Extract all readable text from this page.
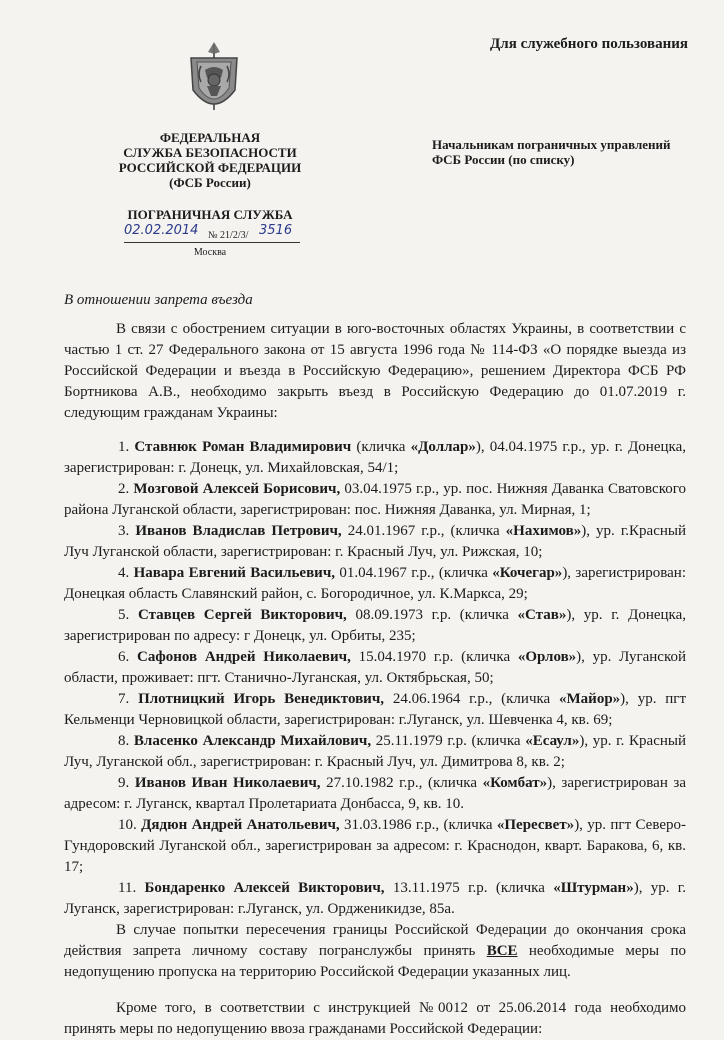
Для служебного пользования
ФЕДЕРАЛЬНАЯ
СЛУЖБА БЕЗОПАСНОСТИ
РОССИЙСКОЙ ФЕДЕРАЦИИ
(ФСБ России)
ПОГРАНИЧНАЯ СЛУЖБА
02.02.2014 № 21/2/3/ 3516
Москва
Начальникам пограничных управлений
ФСБ России (по списку)
В отношении запрета въезда

В связи с обострением ситуации в юго-восточных областях Украины, в соответствии с частью 1 ст. 27 Федерального закона от 15 августа 1996 года № 114-ФЗ «О порядке выезда из Российской Федерации и въезда в Российскую Федерацию», решением Директора ФСБ РФ Бортникова А.В., необходимо закрыть въезд в Российскую Федерацию до 01.07.2019 г. следующим гражданам Украины:

1. Ставнюк Роман Владимирович (кличка «Доллар»), 04.04.1975 г.р., ур. г. Донецка, зарегистрирован: г. Донецк, ул. Михайловская, 54/1;

2. Мозговой Алексей Борисович, 03.04.1975 г.р., ур. пос. Нижняя Даванка Сватовского района Луганской области, зарегистрирован: пос. Нижняя Даванка, ул. Мирная, 1;

3. Иванов Владислав Петрович, 24.01.1967 г.р., (кличка «Нахимов»), ур. г.Красный Луч Луганской области, зарегистрирован: г. Красный Луч, ул. Рижская, 10;

4. Навара Евгений Васильевич, 01.04.1967 г.р., (кличка «Кочегар»), зарегистрирован: Донецкая область Славянский район, с. Богородичное, ул. К.Маркса, 29;

5. Ставцев Сергей Викторович, 08.09.1973 г.р. (кличка «Став»), ур. г. Донецка, зарегистрирован по адресу: г Донецк, ул. Орбиты, 235;

6. Сафонов Андрей Николаевич, 15.04.1970 г.р. (кличка «Орлов»), ур. Луганской области, проживает: пгт. Станично-Луганская, ул. Октябрьская, 50;

7. Плотницкий Игорь Венедиктович, 24.06.1964 г.р., (кличка «Майор»), ур. пгт Кельменци Черновицкой области, зарегистрирован: г.Луганск, ул. Шевченка 4, кв. 69;

8. Власенко Александр Михайлович, 25.11.1979 г.р. (кличка «Есаул»), ур. г. Красный Луч, Луганской обл., зарегистрирован: г. Красный Луч, ул. Димитрова 8, кв. 2;

9. Иванов Иван Николаевич, 27.10.1982 г.р., (кличка «Комбат»), зарегистрирован за адресом: г. Луганск, квартал Пролетариата Донбасса, 9, кв. 10.

10. Дядюн Андрей Анатольевич, 31.03.1986 г.р., (кличка «Пересвет»), ур. пгт Северо-Гундоровский Луганской обл., зарегистрирован за адресом: г. Краснодон, кварт. Баракова, 6, кв. 17;

11. Бондаренко Алексей Викторович, 13.11.1975 г.р. (кличка «Штурман»), ур. г. Луганск, зарегистрирован: г.Луганск, ул. Ордженикидзе, 85а.

В случае попытки пересечения границы Российской Федерации до окончания срока действия запрета личному составу погранслужбы принять ВСЕ необходимые меры по недопущению пропуска на территорию Российской Федерации указанных лиц.

Кроме того, в соответствии с инструкцией №0012 от 25.06.2014 года необходимо принять меры по недопущению ввоза гражданами Российской Федерации:
